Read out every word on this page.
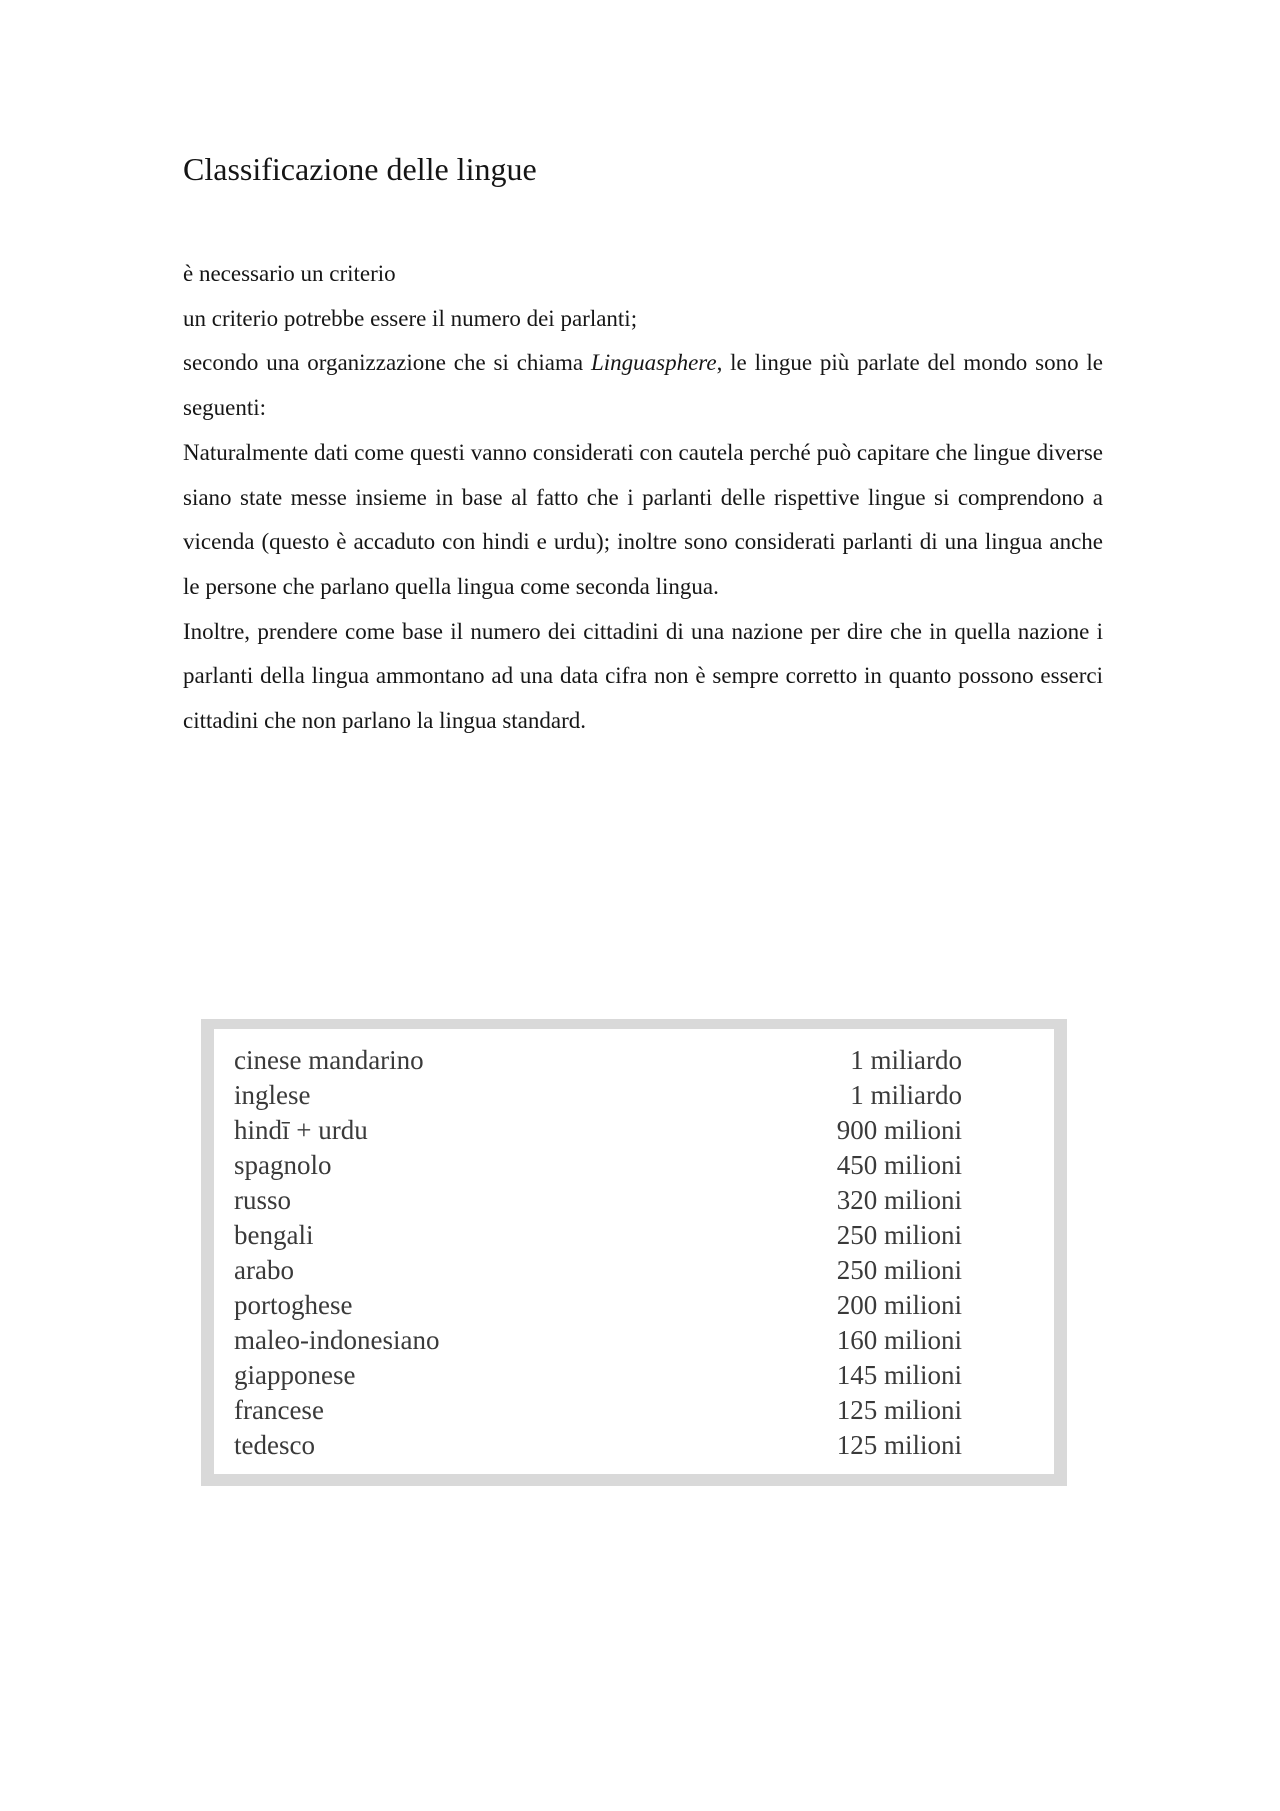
Classificazione delle lingue

è necessario un criterio

un criterio potrebbe essere il numero dei parlanti;

secondo una organizzazione che si chiama Linguasphere, le lingue più parlate del mondo sono le seguenti:

Naturalmente dati come questi vanno considerati con cautela perché può capitare che lingue diverse siano state messe insieme in base al fatto che i parlanti delle rispettive lingue si comprendono a vicenda (questo è accaduto con hindi e urdu); inoltre sono considerati parlanti di una lingua anche le persone che parlano quella lingua come seconda lingua.

Inoltre, prendere come base il numero dei cittadini di una nazione per dire che in quella nazione i parlanti della lingua ammontano ad una data cifra non è sempre corretto in quanto possono esserci cittadini che non parlano la lingua standard.

cinese mandarino	1 miliardo
inglese	1 miliardo
hindī + urdu	900 milioni
spagnolo	450 milioni
russo	320 milioni
bengali	250 milioni
arabo	250 milioni
portoghese	200 milioni
maleo-indonesiano	160 milioni
giapponese	145 milioni
francese	125 milioni
tedesco	125 milioni
